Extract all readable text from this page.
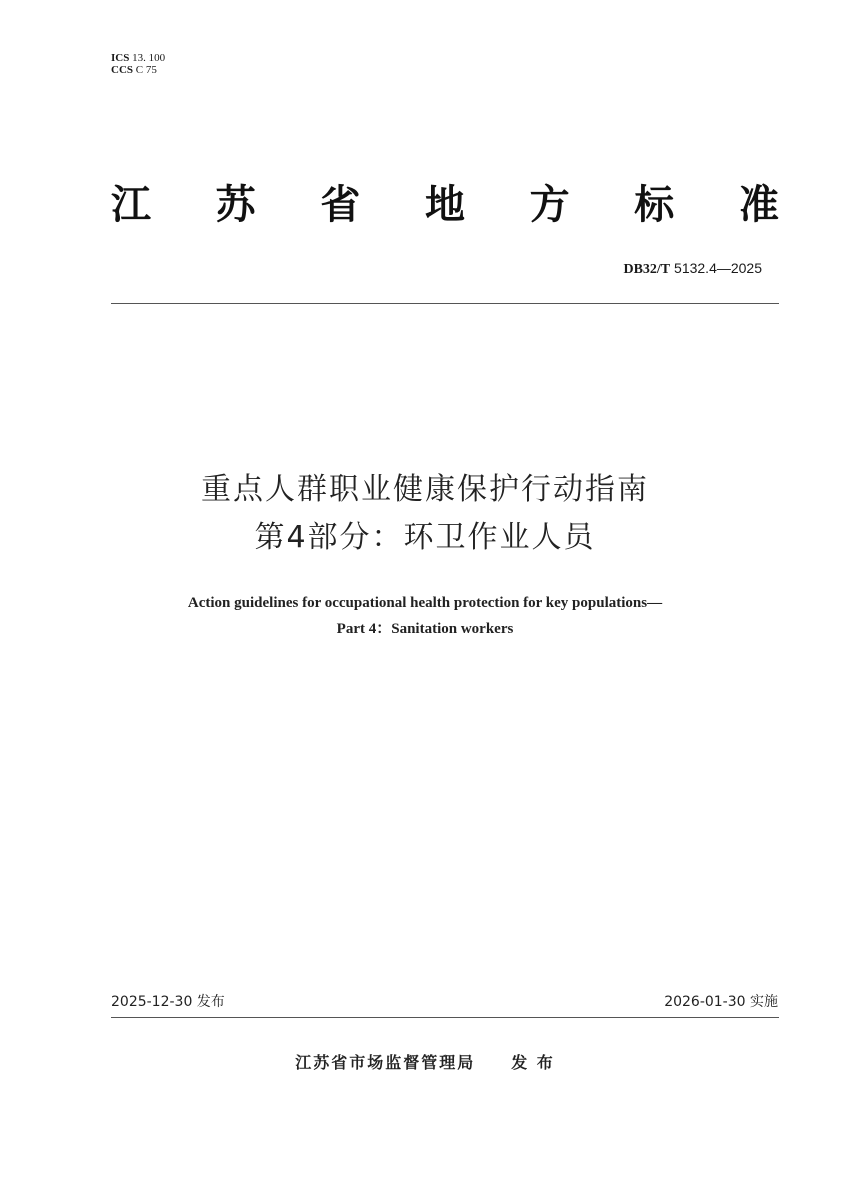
ICS 13. 100
CCS C 75
江 苏 省 地 方 标 准
DB32/T 5132.4—2025
重点人群职业健康保护行动指南
第4部分：环卫作业人员
Action guidelines for occupational health protection for key populations—
Part 4：Sanitation workers
2025-12-30 发布	2026-01-30 实施
江苏省市场监督管理局 发 布
